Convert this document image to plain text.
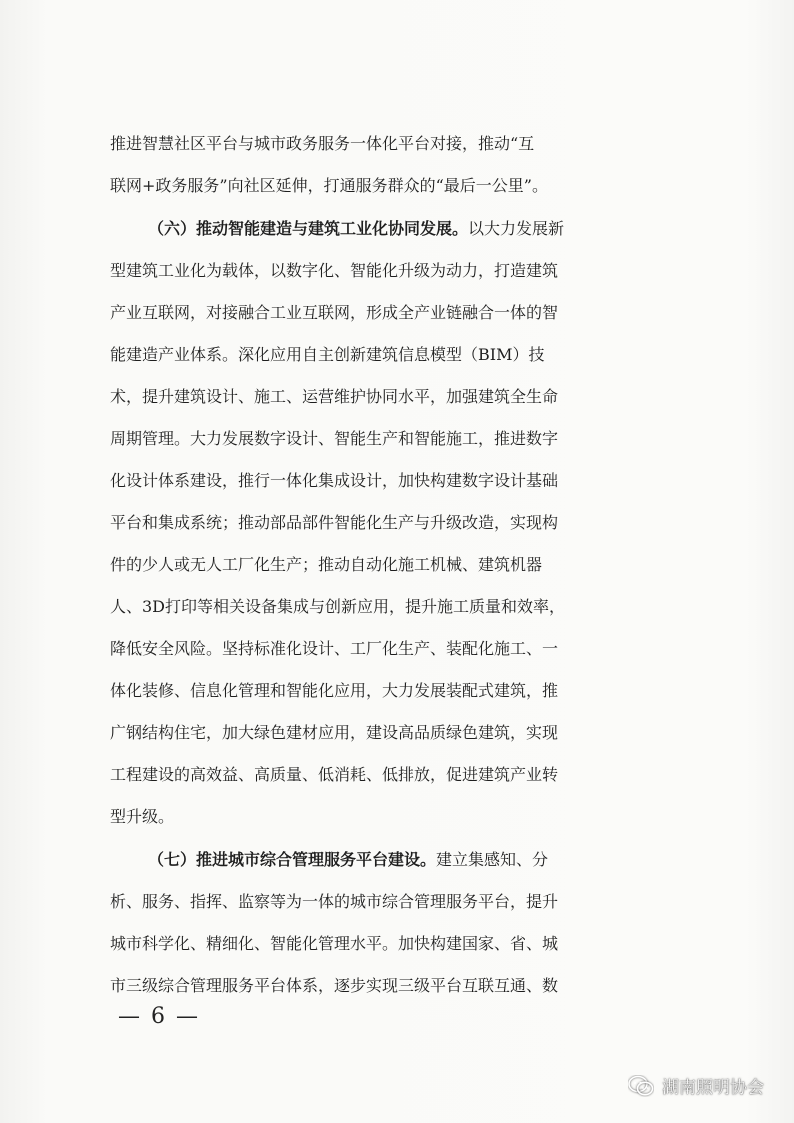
推进智慧社区平台与城市政务服务一体化平台对接，推动“互
联网+政务服务”向社区延伸，打通服务群众的“最后一公里”。
（六）推动智能建造与建筑工业化协同发展。以大力发展新
型建筑工业化为载体，以数字化、智能化升级为动力，打造建筑
产业互联网，对接融合工业互联网，形成全产业链融合一体的智
能建造产业体系。深化应用自主创新建筑信息模型（BIM）技
术，提升建筑设计、施工、运营维护协同水平，加强建筑全生命
周期管理。大力发展数字设计、智能生产和智能施工，推进数字
化设计体系建设，推行一体化集成设计，加快构建数字设计基础
平台和集成系统；推动部品部件智能化生产与升级改造，实现构
件的少人或无人工厂化生产；推动自动化施工机械、建筑机器
人、3D打印等相关设备集成与创新应用，提升施工质量和效率，
降低安全风险。坚持标准化设计、工厂化生产、装配化施工、一
体化装修、信息化管理和智能化应用，大力发展装配式建筑，推
广钢结构住宅，加大绿色建材应用，建设高品质绿色建筑，实现
工程建设的高效益、高质量、低消耗、低排放，促进建筑产业转
型升级。
（七）推进城市综合管理服务平台建设。建立集感知、分
析、服务、指挥、监察等为一体的城市综合管理服务平台，提升
城市科学化、精细化、智能化管理水平。加快构建国家、省、城
市三级综合管理服务平台体系，逐步实现三级平台互联互通、数
— 6 —
湖南照明协会
